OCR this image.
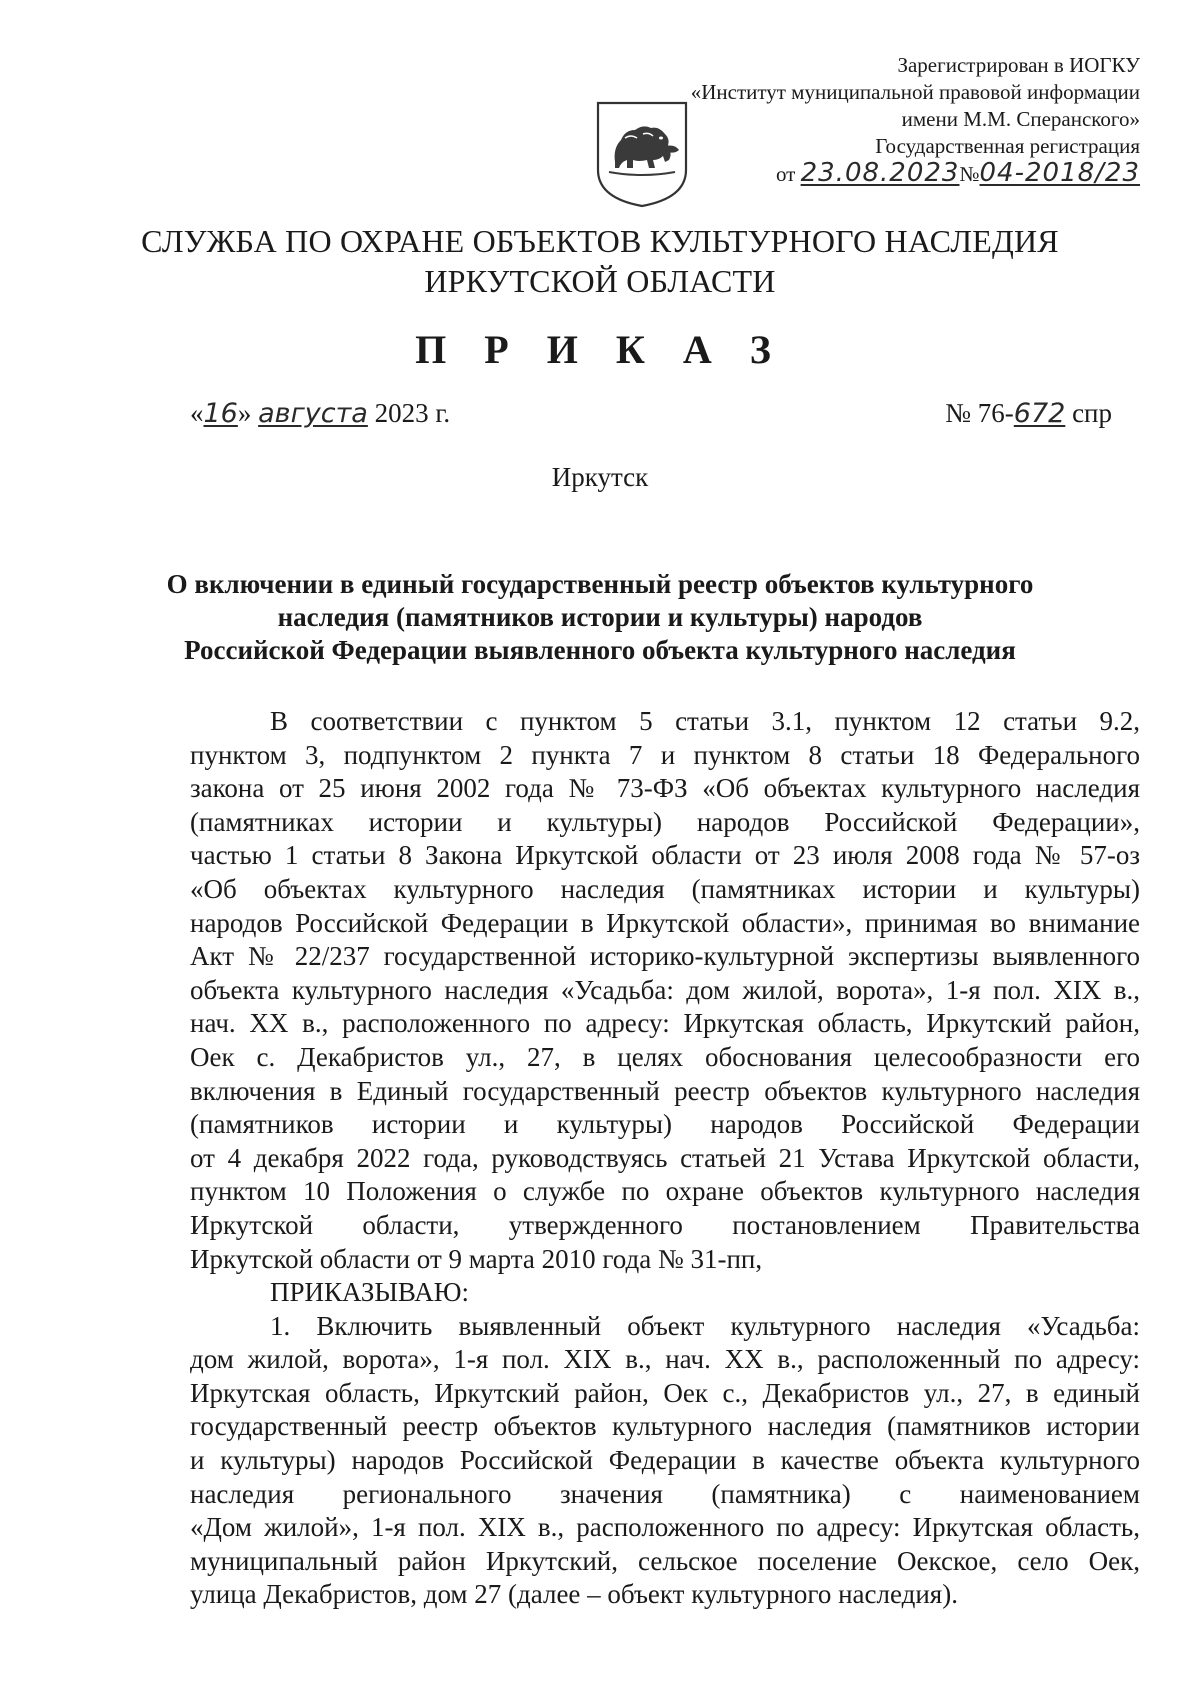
Зарегистрирован в ИОГКУ
«Институт муниципальной правовой информации
имени М.М. Сперанского»
Государственная регистрация
от 23.08.2023№04-2018/23
СЛУЖБА ПО ОХРАНЕ ОБЪЕКТОВ КУЛЬТУРНОГО НАСЛЕДИЯ
ИРКУТСКОЙ ОБЛАСТИ
П Р И К А З
«16» августа 2023 г.	№ 76-672 спр
Иркутск
О включении в единый государственный реестр объектов культурного
наследия (памятников истории и культуры) народов
Российской Федерации выявленного объекта культурного наследия
В соответствии с пунктом 5 статьи 3.1, пунктом 12 статьи 9.2,
пунктом 3, подпунктом 2 пункта 7 и пунктом 8 статьи 18 Федерального
закона от 25 июня 2002 года № 73-ФЗ «Об объектах культурного наследия
(памятниках истории и культуры) народов Российской Федерации»,
частью 1 статьи 8 Закона Иркутской области от 23 июля 2008 года № 57-оз
«Об объектах культурного наследия (памятниках истории и культуры)
народов Российской Федерации в Иркутской области», принимая во внимание
Акт № 22/237 государственной историко-культурной экспертизы выявленного
объекта культурного наследия «Усадьба: дом жилой, ворота», 1-я пол. XIX в.,
нач. XX в., расположенного по адресу: Иркутская область, Иркутский район,
Оек с. Декабристов ул., 27, в целях обоснования целесообразности его
включения в Единый государственный реестр объектов культурного наследия
(памятников истории и культуры) народов Российской Федерации
от 4 декабря 2022 года, руководствуясь статьей 21 Устава Иркутской области,
пунктом 10 Положения о службе по охране объектов культурного наследия
Иркутской области, утвержденного постановлением Правительства
Иркутской области от 9 марта 2010 года № 31-пп,
ПРИКАЗЫВАЮ:
1. Включить выявленный объект культурного наследия «Усадьба:
дом жилой, ворота», 1-я пол. XIX в., нач. XX в., расположенный по адресу:
Иркутская область, Иркутский район, Оек с., Декабристов ул., 27, в единый
государственный реестр объектов культурного наследия (памятников истории
и культуры) народов Российской Федерации в качестве объекта культурного
наследия регионального значения (памятника) с наименованием
«Дом жилой», 1-я пол. XIX в., расположенного по адресу: Иркутская область,
муниципальный район Иркутский, сельское поселение Оекское, село Оек,
улица Декабристов, дом 27 (далее – объект культурного наследия).
